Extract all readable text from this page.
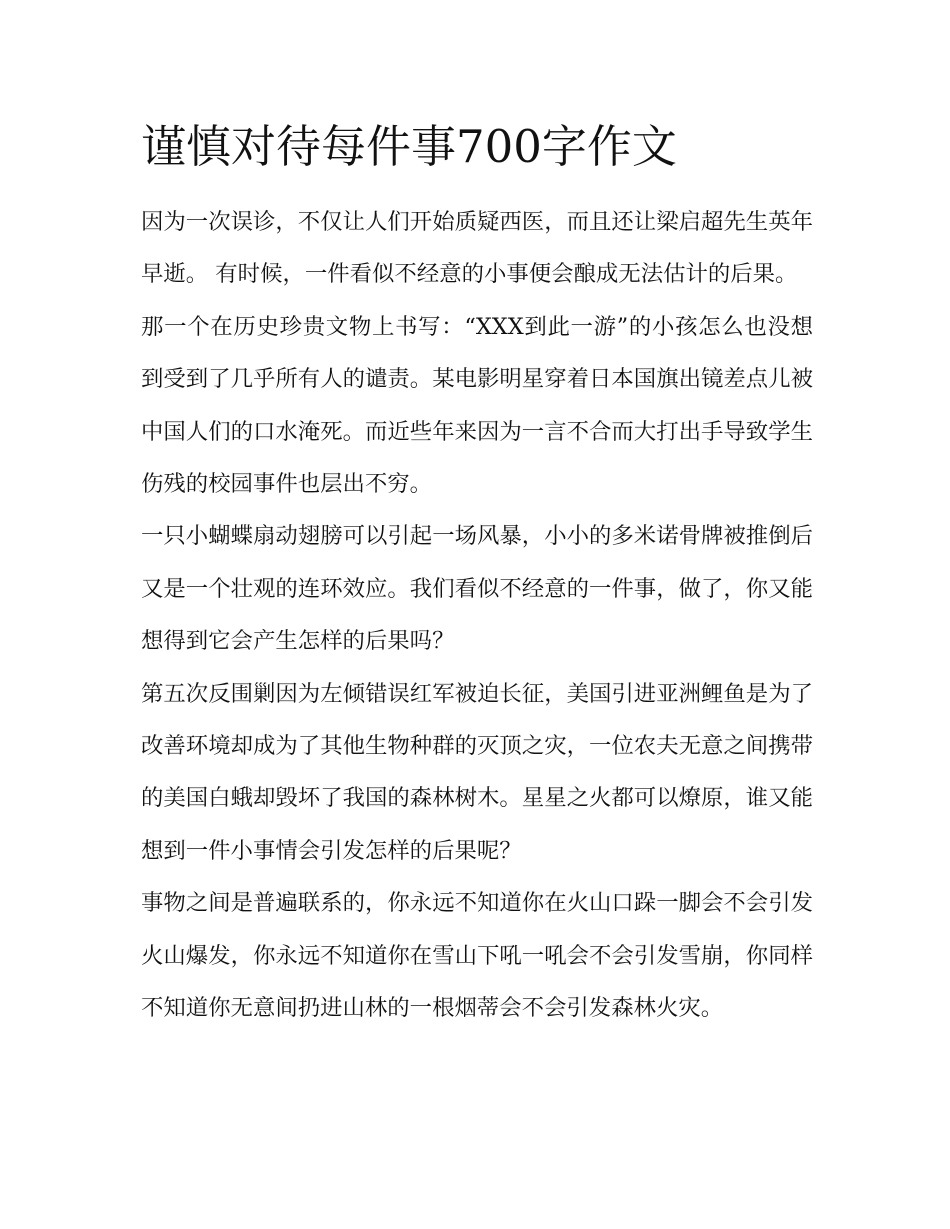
谨慎对待每件事700字作文

因为一次误诊，不仅让人们开始质疑西医，而且还让梁启超先生英年早逝。 有时候，一件看似不经意的小事便会酿成无法估计的后果。

那一个在历史珍贵文物上书写：“XXX到此一游”的小孩怎么也没想到受到了几乎所有人的谴责。某电影明星穿着日本国旗出镜差点儿被中国人们的口水淹死。而近些年来因为一言不合而大打出手导致学生伤残的校园事件也层出不穷。

一只小蝴蝶扇动翅膀可以引起一场风暴，小小的多米诺骨牌被推倒后又是一个壮观的连环效应。我们看似不经意的一件事，做了，你又能想得到它会产生怎样的后果吗？

第五次反围剿因为左倾错误红军被迫长征，美国引进亚洲鲤鱼是为了改善环境却成为了其他生物种群的灭顶之灾，一位农夫无意之间携带的美国白蛾却毁坏了我国的森林树木。星星之火都可以燎原，谁又能想到一件小事情会引发怎样的后果呢？

事物之间是普遍联系的，你永远不知道你在火山口跺一脚会不会引发火山爆发，你永远不知道你在雪山下吼一吼会不会引发雪崩，你同样不知道你无意间扔进山林的一根烟蒂会不会引发森林火灾。
